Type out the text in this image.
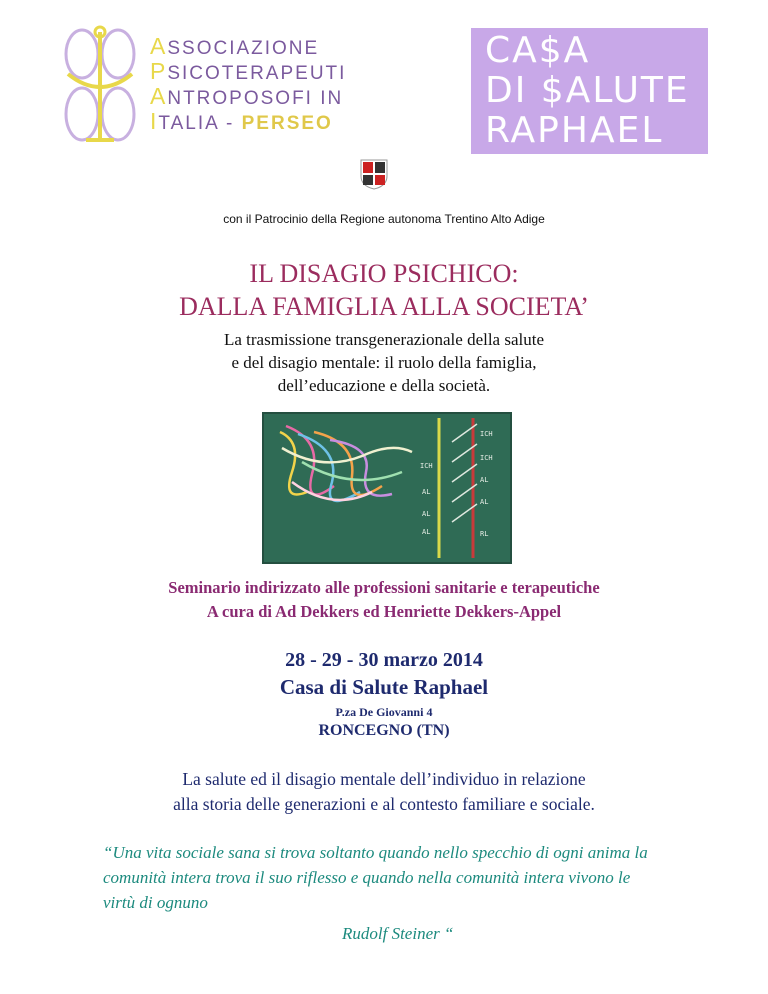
ASSOCIAZIONE
PSICOTERAPEUTI
ANTROPOSOFI IN
ITALIA - PERSEO
CA$A
DI $ALUTE
RAPHAEL
con il Patrocinio della Regione autonoma Trentino Alto Adige
IL DISAGIO PSICHICO:
DALLA FAMIGLIA ALLA SOCIETA’
La trasmissione transgenerazionale della salute
e del disagio mentale: il ruolo della famiglia,
dell’educazione e della società.
ICH
AL
AL
AL
ICH
ICH
AL
AL
RL
Seminario indirizzato alle professioni sanitarie e terapeutiche
A cura di Ad Dekkers ed Henriette Dekkers-Appel
28 - 29 - 30 marzo 2014
Casa di Salute Raphael
P.za De Giovanni 4
RONCEGNO (TN)
La salute ed il disagio mentale dell’individuo in relazione
alla storia delle generazioni e al contesto familiare e sociale.
“Una vita sociale sana si trova soltanto quando nello specchio di ogni anima la
comunità intera trova il suo riflesso e quando nella comunità intera vivono le
virtù di ognuno
Rudolf Steiner “
